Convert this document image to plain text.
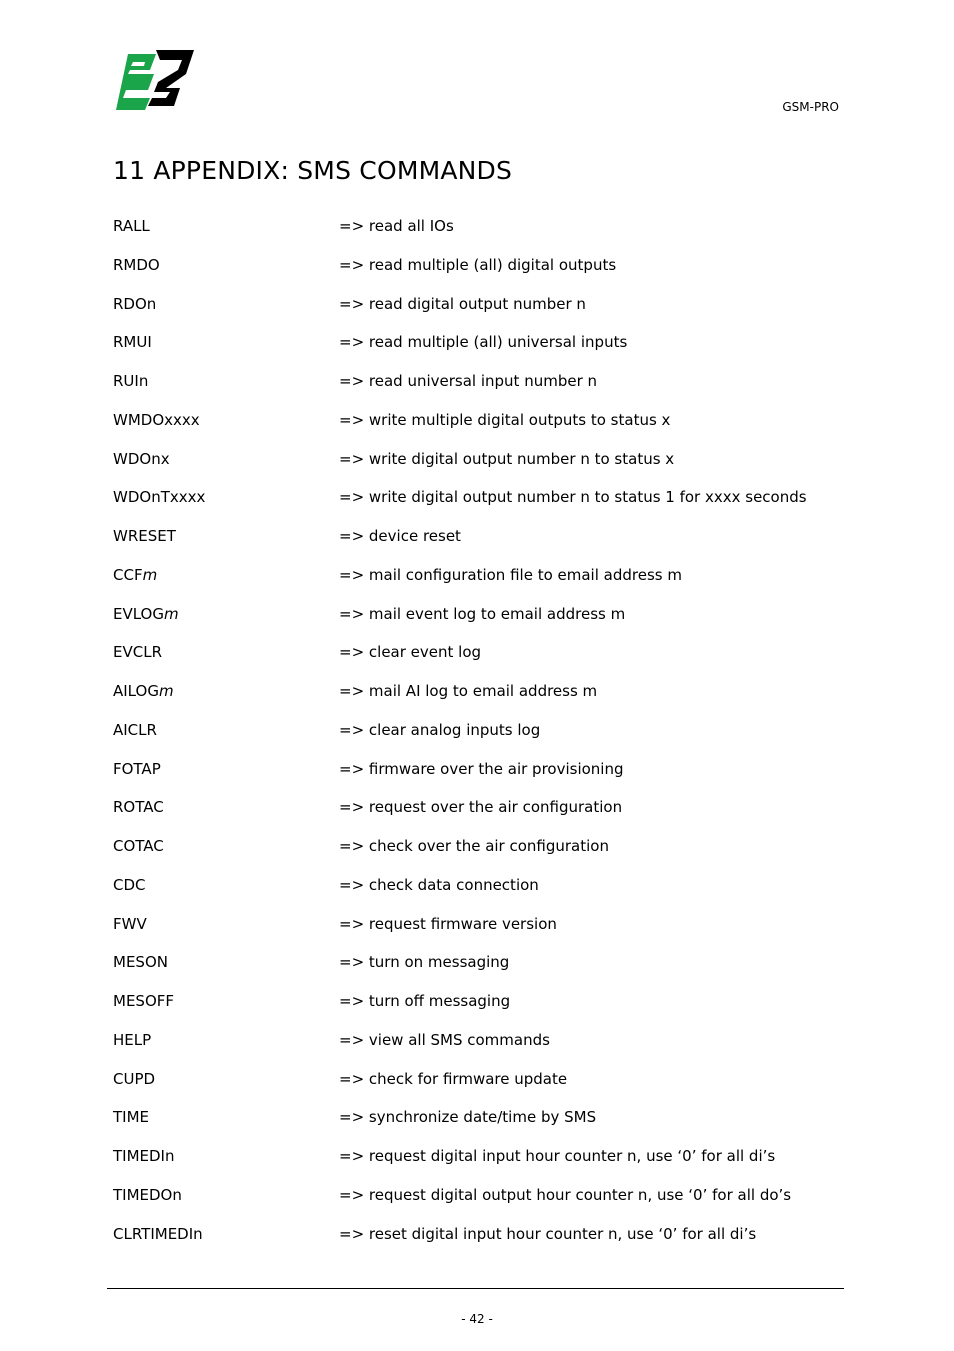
GSM-PRO
11 APPENDIX: SMS COMMANDS
RALL	=> read all IOs
RMDO	=> read multiple (all) digital outputs
RDOn	=> read digital output number n
RMUI	=> read multiple (all) universal inputs
RUIn	=> read universal input number n
WMDOxxxx	=> write multiple digital outputs to status x
WDOnx	=> write digital output number n to status x
WDOnTxxxx	=> write digital output number n to status 1 for xxxx seconds
WRESET	=> device reset
CCFm	=> mail configuration file to email address m
EVLOGm	=> mail event log to email address m
EVCLR	=> clear event log
AILOGm	=> mail AI log to email address m
AICLR	=> clear analog inputs log
FOTAP	=> firmware over the air provisioning
ROTAC	=> request over the air configuration
COTAC	=> check over the air configuration
CDC	=> check data connection
FWV	=> request firmware version
MESON	=> turn on messaging
MESOFF	=> turn off messaging
HELP	=> view all SMS commands
CUPD	=> check for firmware update
TIME	=> synchronize date/time by SMS
TIMEDIn	=> request digital input hour counter n, use ‘0’ for all di’s
TIMEDOn	=> request digital output hour counter n, use ‘0’ for all do’s
CLRTIMEDIn	=> reset digital input hour counter n, use ‘0’ for all di’s
- 42 -
